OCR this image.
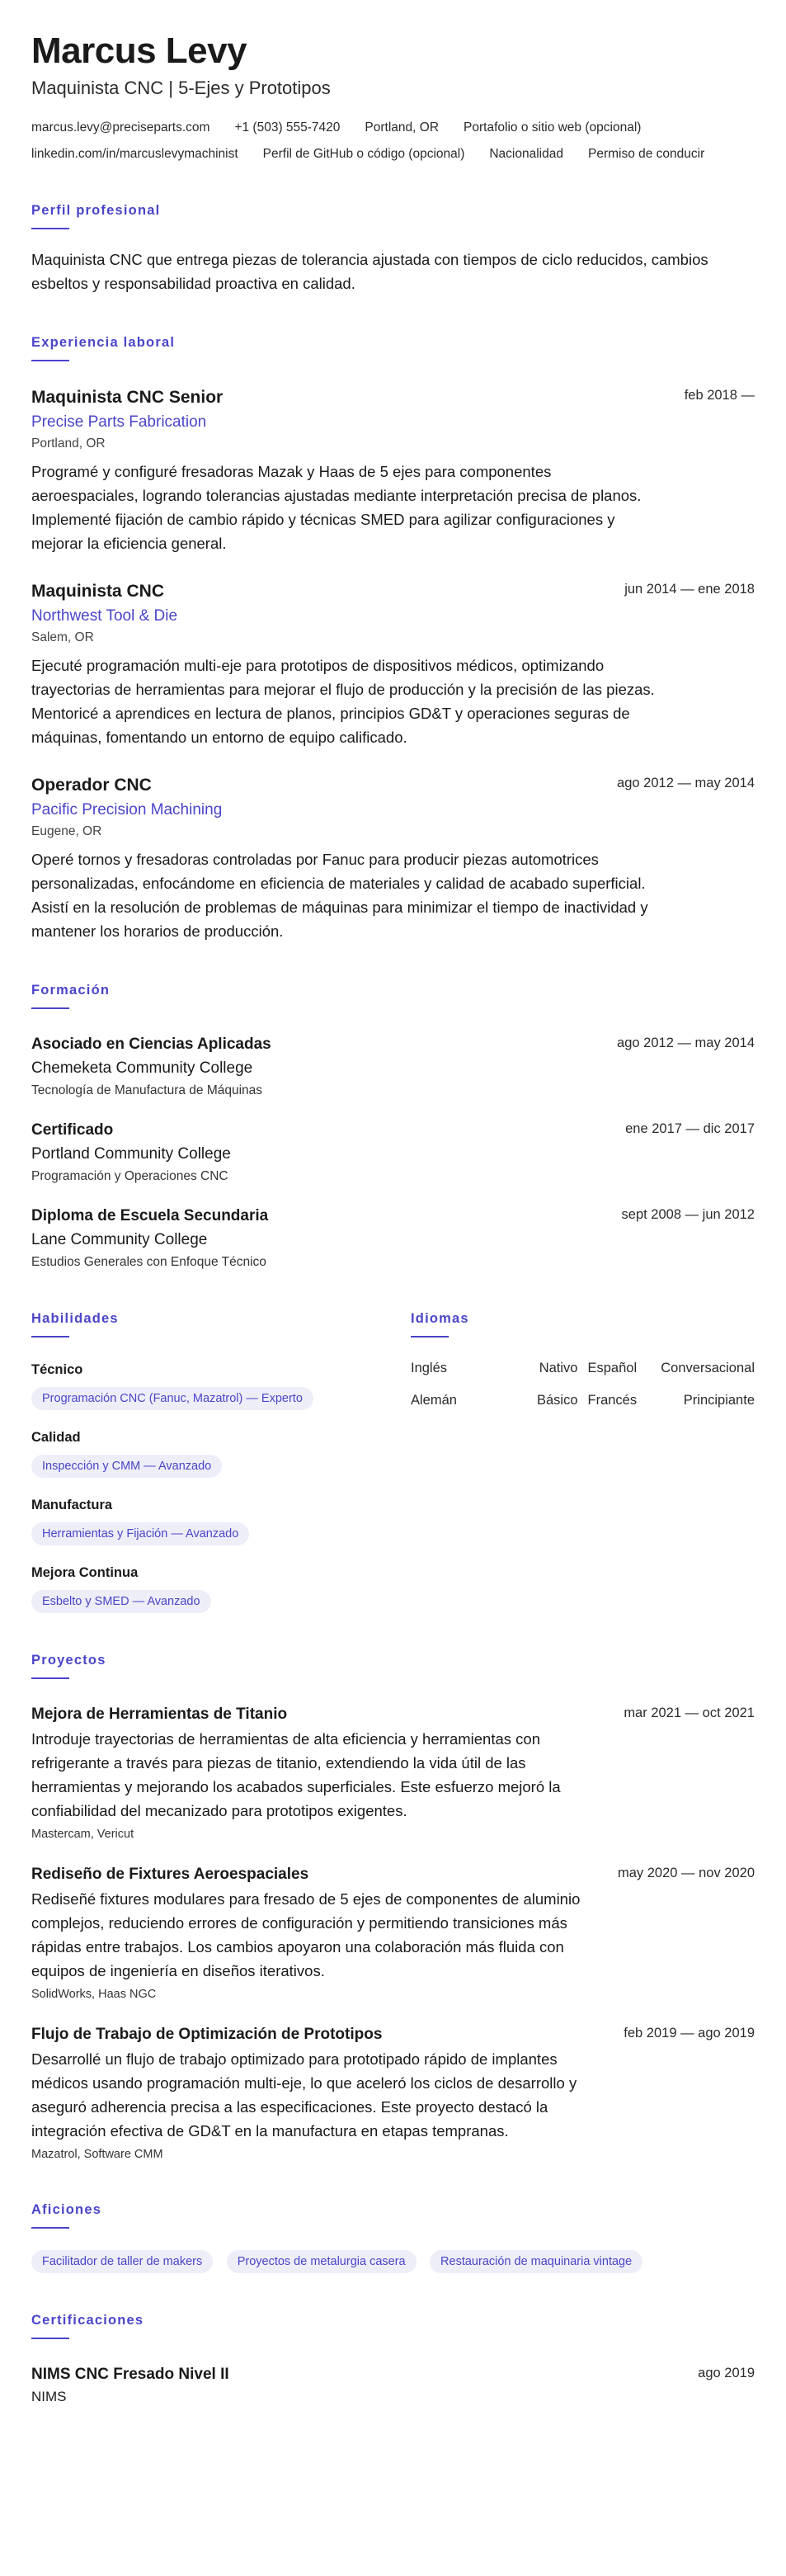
Marcus Levy
Maquinista CNC | 5-Ejes y Prototipos
marcus.levy@preciseparts.com +1 (503) 555-7420 Portland, OR Portafolio o sitio web (opcional)
linkedin.com/in/marcuslevymachinist Perfil de GitHub o código (opcional) Nacionalidad Permiso de conducir
Perfil profesional
Maquinista CNC que entrega piezas de tolerancia ajustada con tiempos de ciclo reducidos, cambios esbeltos y responsabilidad proactiva en calidad.
Experiencia laboral
Maquinista CNC Senior	feb 2018 —
Precise Parts Fabrication
Portland, OR
Programé y configuré fresadoras Mazak y Haas de 5 ejes para componentes aeroespaciales, logrando tolerancias ajustadas mediante interpretación precisa de planos. Implementé fijación de cambio rápido y técnicas SMED para agilizar configuraciones y mejorar la eficiencia general.
Maquinista CNC	jun 2014 — ene 2018
Northwest Tool & Die
Salem, OR
Ejecuté programación multi-eje para prototipos de dispositivos médicos, optimizando trayectorias de herramientas para mejorar el flujo de producción y la precisión de las piezas. Mentoricé a aprendices en lectura de planos, principios GD&T y operaciones seguras de máquinas, fomentando un entorno de equipo calificado.
Operador CNC	ago 2012 — may 2014
Pacific Precision Machining
Eugene, OR
Operé tornos y fresadoras controladas por Fanuc para producir piezas automotrices personalizadas, enfocándome en eficiencia de materiales y calidad de acabado superficial. Asistí en la resolución de problemas de máquinas para minimizar el tiempo de inactividad y mantener los horarios de producción.
Formación
Asociado en Ciencias Aplicadas	ago 2012 — may 2014
Chemeketa Community College
Tecnología de Manufactura de Máquinas
Certificado	ene 2017 — dic 2017
Portland Community College
Programación y Operaciones CNC
Diploma de Escuela Secundaria	sept 2008 — jun 2012
Lane Community College
Estudios Generales con Enfoque Técnico
Habilidades
Técnico
Programación CNC (Fanuc, Mazatrol) — Experto
Calidad
Inspección y CMM — Avanzado
Manufactura
Herramientas y Fijación — Avanzado
Mejora Continua
Esbelto y SMED — Avanzado
Idiomas
Inglés	Nativo Español Conversacional
Alemán	Básico Francés	Principiante
Proyectos
Mejora de Herramientas de Titanio	mar 2021 — oct 2021
Introduje trayectorias de herramientas de alta eficiencia y herramientas con refrigerante a través para piezas de titanio, extendiendo la vida útil de las herramientas y mejorando los acabados superficiales. Este esfuerzo mejoró la confiabilidad del mecanizado para prototipos exigentes.
Mastercam, Vericut
Rediseño de Fixtures Aeroespaciales	may 2020 — nov 2020
Rediseñé fixtures modulares para fresado de 5 ejes de componentes de aluminio complejos, reduciendo errores de configuración y permitiendo transiciones más rápidas entre trabajos. Los cambios apoyaron una colaboración más fluida con equipos de ingeniería en diseños iterativos.
SolidWorks, Haas NGC
Flujo de Trabajo de Optimización de Prototipos	feb 2019 — ago 2019
Desarrollé un flujo de trabajo optimizado para prototipado rápido de implantes médicos usando programación multi-eje, lo que aceleró los ciclos de desarrollo y aseguró adherencia precisa a las especificaciones. Este proyecto destacó la integración efectiva de GD&T en la manufactura en etapas tempranas.
Mazatrol, Software CMM
Aficiones
Facilitador de taller de makers	Proyectos de metalurgia casera	Restauración de maquinaria vintage
Certificaciones
NIMS CNC Fresado Nivel II	ago 2019
NIMS
